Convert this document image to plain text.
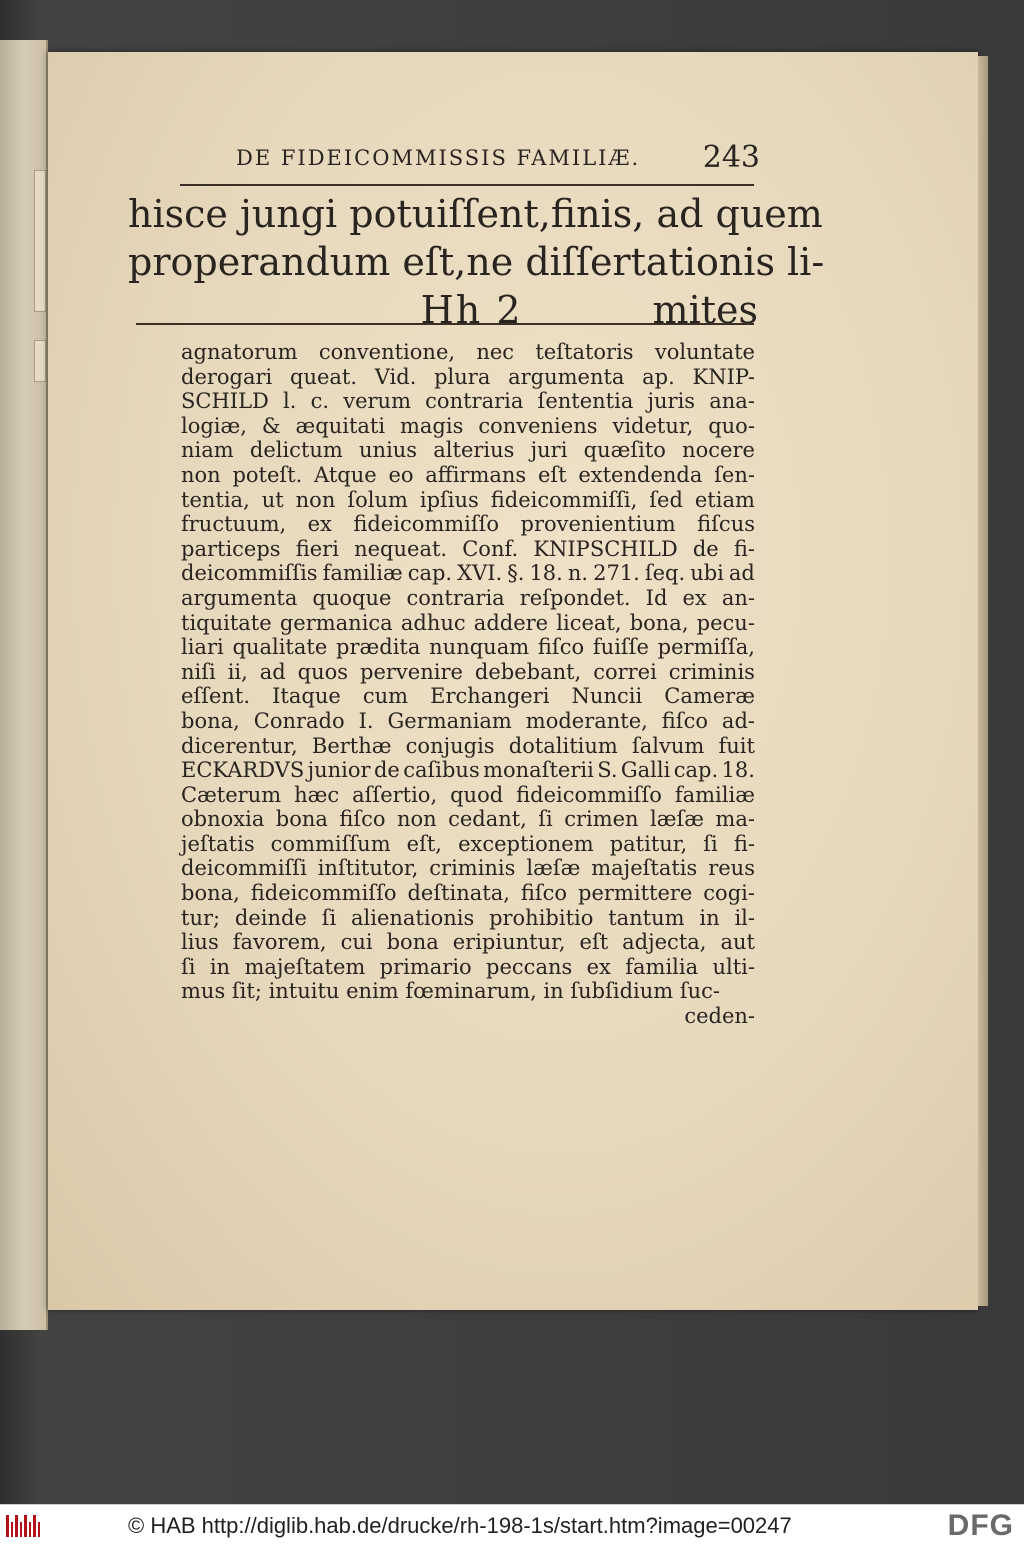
DE FIDEICOMMISSIS FAMILIÆ. 243
hisce jungi potuiſſent, finis, ad quem
properandum eſt, ne diſſertationis li-
Hh 2	mites
agnatorum conventione, nec teſtatoris voluntate
derogari queat. Vid. plura argumenta ap. KNIP-
SCHILD l. c. verum contraria ſententia juris ana-
logiæ, & æquitati magis conveniens videtur, quo-
niam delictum unius alterius juri quæſito nocere
non poteſt. Atque eo affirmans eſt extendenda ſen-
tentia, ut non ſolum ipſius fideicommiſſi, ſed etiam
fructuum, ex fideicommiſſo provenientium fiſcus
particeps fieri nequeat. Conf. KNIPSCHILD de fi-
deicommiſſis familiæ cap. XVI. §. 18. n. 271. ſeq. ubi ad
argumenta quoque contraria reſpondet. Id ex an-
tiquitate germanica adhuc addere liceat, bona, pecu-
liari qualitate prædita nunquam fiſco fuiſſe permiſſa,
niſi ii, ad quos pervenire debebant, correi criminis
eſſent. Itaque cum Erchangeri Nuncii Cameræ
bona, Conrado I. Germaniam moderante, fiſco ad-
dicerentur, Berthæ conjugis dotalitium ſalvum fuit
ECKARDVS junior de caſibus monaſterii S. Galli cap. 18.
Cæterum hæc aſſertio, quod fideicommiſſo familiæ
obnoxia bona fiſco non cedant, ſi crimen læſæ ma-
jeſtatis commiſſum eſt, exceptionem patitur, ſi fi-
deicommiſſi inſtitutor, criminis læſæ majeſtatis reus
bona, fideicommiſſo deſtinata, fiſco permittere cogi-
tur; deinde ſi alienationis prohibitio tantum in il-
lius favorem, cui bona eripiuntur, eſt adjecta, aut
ſi in majeſtatem primario peccans ex familia ulti-
mus ſit; intuitu enim fœminarum, in ſubſidium ſuc-
ceden-
© HAB http://diglib.hab.de/drucke/rh-198-1s/start.htm?image=00247	DFG
